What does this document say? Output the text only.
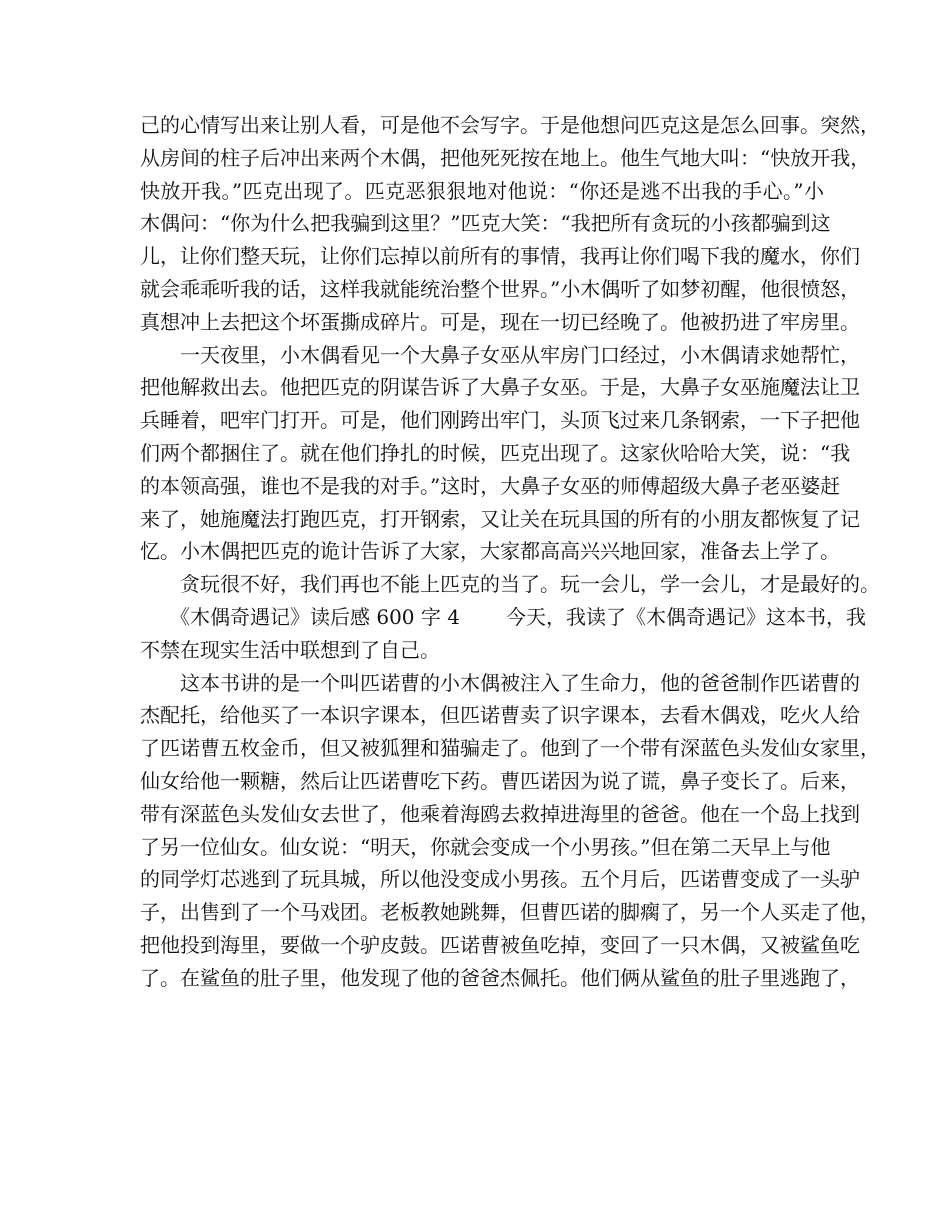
己的心情写出来让别人看，可是他不会写字。于是他想问匹克这是怎么回事。突然，
从房间的柱子后冲出来两个木偶，把他死死按在地上。他生气地大叫：“快放开我，
快放开我。”匹克出现了。匹克恶狠狠地对他说：“你还是逃不出我的手心。”小
木偶问：“你为什么把我骗到这里？”匹克大笑：“我把所有贪玩的小孩都骗到这
儿，让你们整天玩，让你们忘掉以前所有的事情，我再让你们喝下我的魔水，你们
就会乖乖听我的话，这样我就能统治整个世界。”小木偶听了如梦初醒，他很愤怒，
真想冲上去把这个坏蛋撕成碎片。可是，现在一切已经晚了。他被扔进了牢房里。
　　一天夜里，小木偶看见一个大鼻子女巫从牢房门口经过，小木偶请求她帮忙，
把他解救出去。他把匹克的阴谋告诉了大鼻子女巫。于是，大鼻子女巫施魔法让卫
兵睡着，吧牢门打开。可是，他们刚跨出牢门，头顶飞过来几条钢索，一下子把他
们两个都捆住了。就在他们挣扎的时候，匹克出现了。这家伙哈哈大笑，说：“我
的本领高强，谁也不是我的对手。”这时，大鼻子女巫的师傅超级大鼻子老巫婆赶
来了，她施魔法打跑匹克，打开钢索，又让关在玩具国的所有的小朋友都恢复了记
忆。小木偶把匹克的诡计告诉了大家，大家都高高兴兴地回家，准备去上学了。
　　贪玩很不好，我们再也不能上匹克的当了。玩一会儿，学一会儿，才是最好的。
　　《木偶奇遇记》读后感 600 字 4 今天，我读了《木偶奇遇记》这本书，我
不禁在现实生活中联想到了自己。
　　这本书讲的是一个叫匹诺曹的小木偶被注入了生命力，他的爸爸制作匹诺曹的
杰配托，给他买了一本识字课本，但匹诺曹卖了识字课本，去看木偶戏，吃火人给
了匹诺曹五枚金币，但又被狐狸和猫骗走了。他到了一个带有深蓝色头发仙女家里，
仙女给他一颗糖，然后让匹诺曹吃下药。曹匹诺因为说了谎，鼻子变长了。后来，
带有深蓝色头发仙女去世了，他乘着海鸥去救掉进海里的爸爸。他在一个岛上找到
了另一位仙女。仙女说：“明天，你就会变成一个小男孩。”但在第二天早上与他
的同学灯芯逃到了玩具城，所以他没变成小男孩。五个月后，匹诺曹变成了一头驴
子，出售到了一个马戏团。老板教她跳舞，但曹匹诺的脚瘸了，另一个人买走了他，
把他投到海里，要做一个驴皮鼓。匹诺曹被鱼吃掉，变回了一只木偶，又被鲨鱼吃
了。在鲨鱼的肚子里，他发现了他的爸爸杰佩托。他们俩从鲨鱼的肚子里逃跑了，
